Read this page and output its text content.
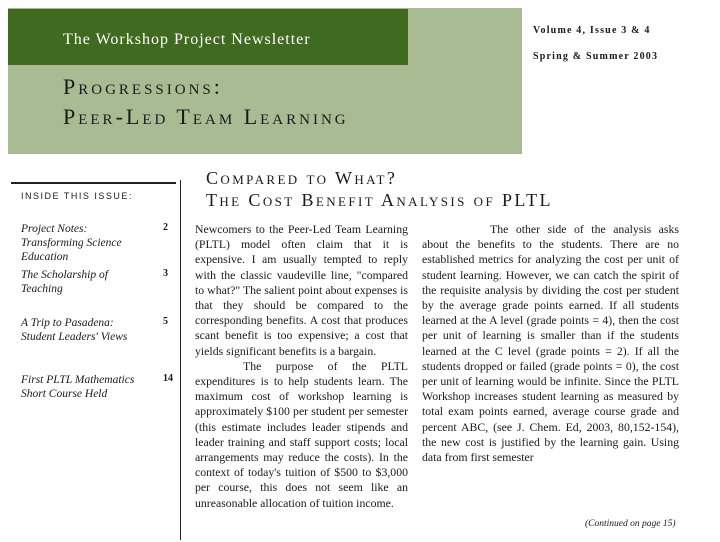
The Workshop Project Newsletter
Volume 4, Issue 3 & 4
Spring & Summer 2003
Progressions:
Peer-Led Team Learning
INSIDE THIS ISSUE:
Project Notes: Transforming Science Education
2
The Scholarship of Teaching
3
A Trip to Pasadena: Student Leaders' Views
5
First PLTL Mathematics Short Course Held
14
Compared to What?
The Cost Benefit Analysis of PLTL

Newcomers to the Peer-Led Team Learning (PLTL) model often claim that it is expensive. I am usually tempted to reply with the classic vaudeville line, "compared to what?" The salient point about expenses is that they should be compared to the corresponding benefits. A cost that produces scant benefit is too expensive; a cost that yields significant benefits is a bargain.

The purpose of the PLTL expenditures is to help students learn. The maximum cost of workshop learning is approximately $100 per student per semester (this estimate includes leader stipends and leader training and staff support costs; local arrangements may reduce the costs). In the context of today's tuition of $500 to $3,000 per course, this does not seem like an unreasonable allocation of tuition income.

The other side of the analysis asks about the benefits to the students. There are no established metrics for analyzing the cost per unit of student learning. However, we can catch the spirit of the requisite analysis by dividing the cost per student by the average grade points earned. If all students learned at the A level (grade points = 4), then the cost per unit of learning is smaller than if the students learned at the C level (grade points = 2). If all the students dropped or failed (grade points = 0), the cost per unit of learning would be infinite. Since the PLTL Workshop increases student learning as measured by total exam points earned, average course grade and percent ABC, (see J. Chem. Ed, 2003, 80,152-154), the new cost is justified by the learning gain. Using data from first semester

(Continued on page 15)
